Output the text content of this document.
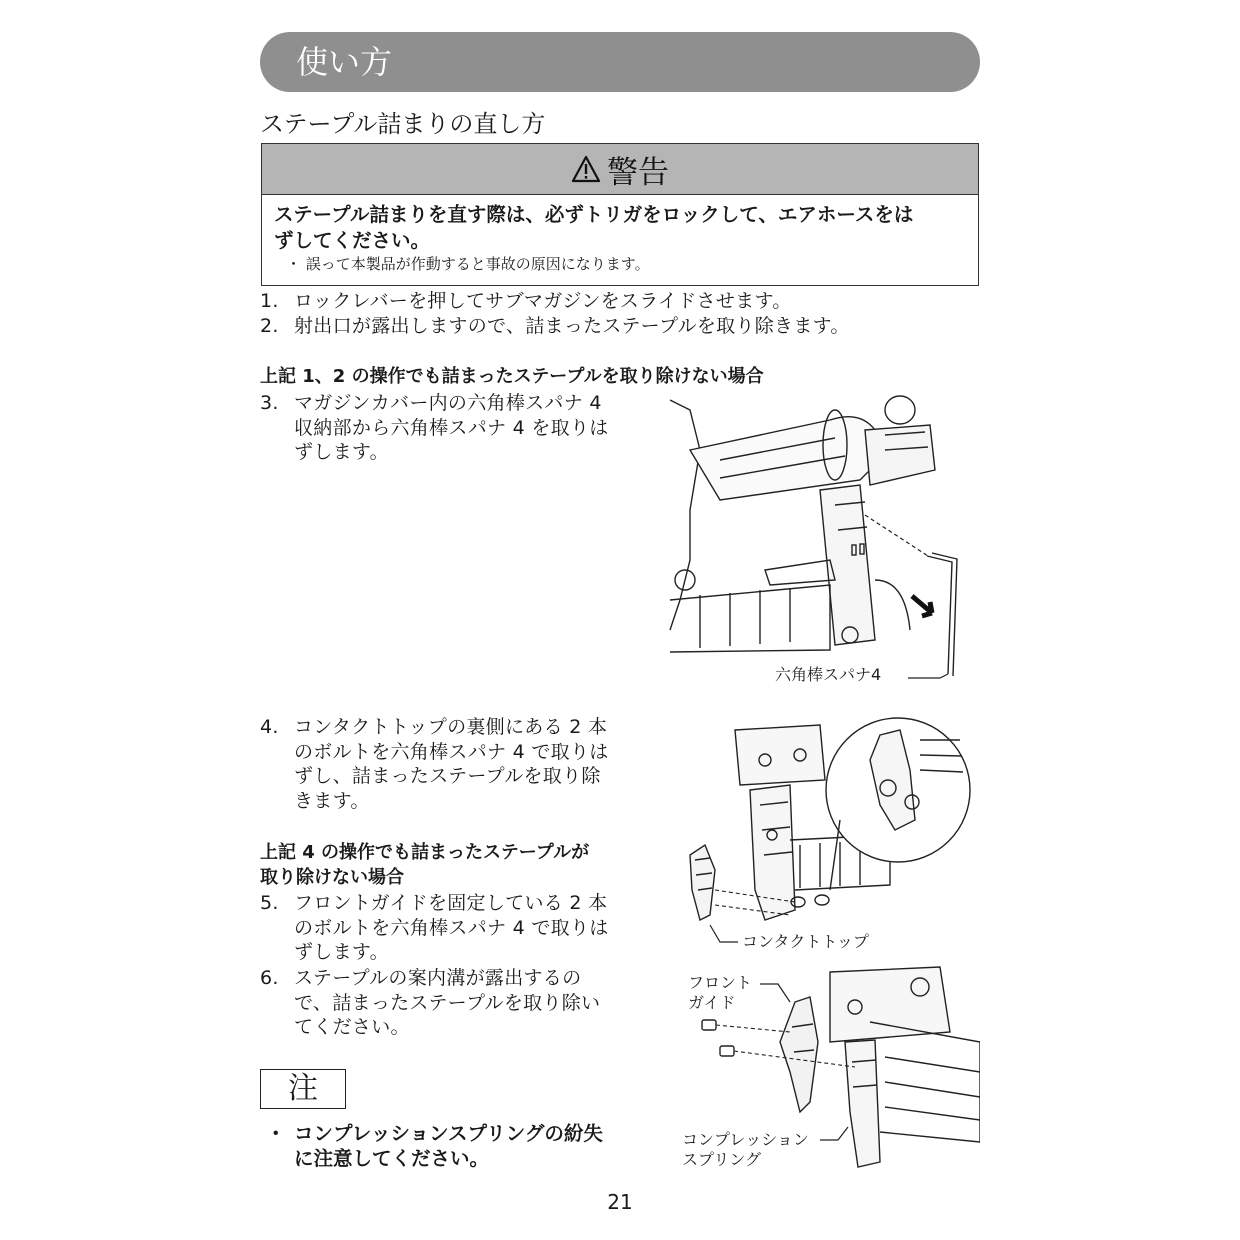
使い方
ステープル詰まりの直し方
警告
ステープル詰まりを直す際は、必ずトリガをロックして、エアホースをは
ずしてください。
・ 誤って本製品が作動すると事故の原因になります。
1. ロックレバーを押してサブマガジンをスライドさせます。
2. 射出口が露出しますので、詰まったステープルを取り除きます。
上記 1、2 の操作でも詰まったステープルを取り除けない場合
3. マガジンカバー内の六角棒スパナ 4
収納部から六角棒スパナ 4 を取りは
ずします。
六角棒スパナ4
4. コンタクトトップの裏側にある 2 本
のボルトを六角棒スパナ 4 で取りは
ずし、詰まったステープルを取り除
きます。
上記 4 の操作でも詰まったステープルが
取り除けない場合
5. フロントガイドを固定している 2 本
のボルトを六角棒スパナ 4 で取りは
ずします。
6. ステープルの案内溝が露出するの
で、詰まったステープルを取り除い
てください。
コンタクトトップ
フロント
ガイド
コンプレッション
スプリング
注
・ コンプレッションスプリングの紛失
に注意してください。
21
